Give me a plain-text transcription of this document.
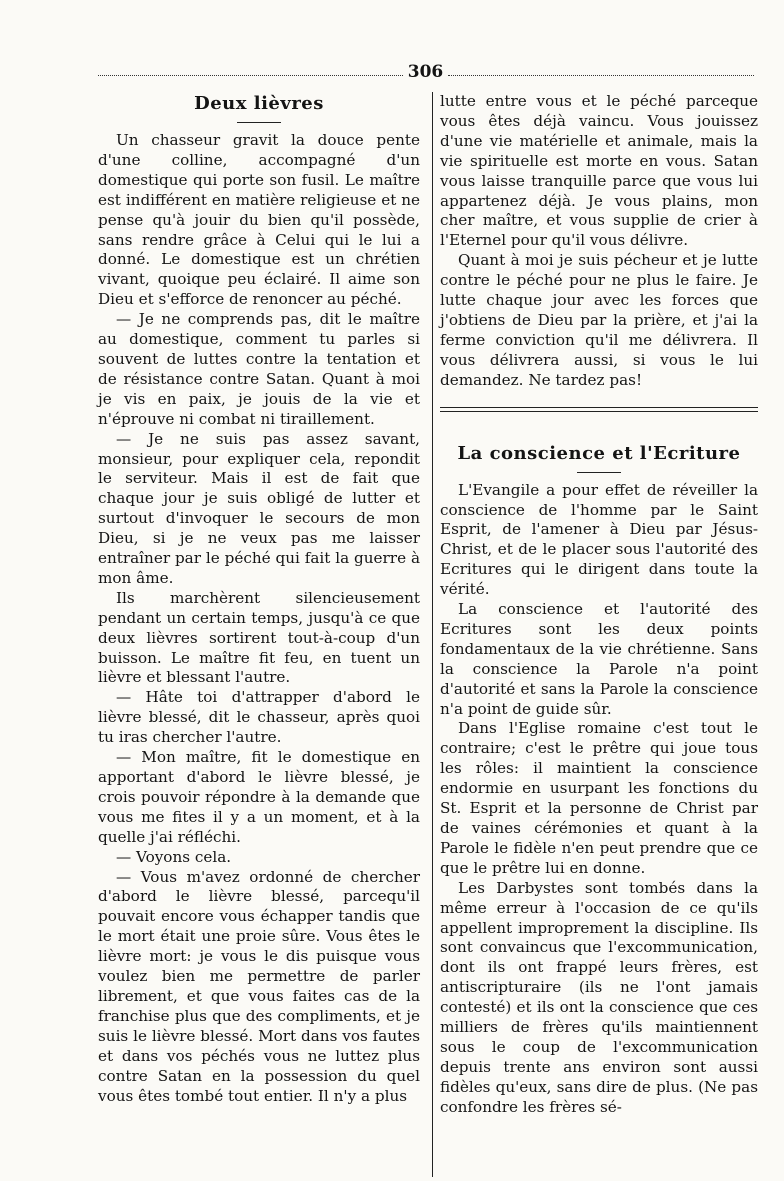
306
Deux lièvres

Un chasseur gravit la douce pente d'une colline, accompagné d'un domestique qui porte son fusil. Le maître est indifférent en matière religieuse et ne pense qu'à jouir du bien qu'il possède, sans rendre grâce à Celui qui le lui a donné. Le domestique est un chrétien vivant, quoique peu éclairé. Il aime son Dieu et s'efforce de renoncer au péché.

— Je ne comprends pas, dit le maître au domestique, comment tu parles si souvent de luttes contre la tentation et de résistance contre Satan. Quant à moi je vis en paix, je jouis de la vie et n'éprouve ni combat ni tiraillement.

— Je ne suis pas assez savant, monsieur, pour expliquer cela, repondit le serviteur. Mais il est de fait que chaque jour je suis obligé de lutter et surtout d'invoquer le secours de mon Dieu, si je ne veux pas me laisser entraîner par le péché qui fait la guerre à mon âme.

Ils marchèrent silencieusement pendant un certain temps, jusqu'à ce que deux lièvres sortirent tout-à-coup d'un buisson. Le maître fit feu, en tuent un lièvre et blessant l'autre.

— Hâte toi d'attrapper d'abord le lièvre blessé, dit le chasseur, après quoi tu iras chercher l'autre.

— Mon maître, fit le domestique en apportant d'abord le lièvre blessé, je crois pouvoir répondre à la demande que vous me fites il y a un moment, et à la quelle j'ai réfléchi.

— Voyons cela.

— Vous m'avez ordonné de chercher d'abord le lièvre blessé, parcequ'il pouvait encore vous échapper tandis que le mort était une proie sûre. Vous êtes le lièvre mort: je vous le dis puisque vous voulez bien me permettre de parler librement, et que vous faites cas de la franchise plus que des compliments, et je suis le lièvre blessé. Mort dans vos fautes et dans vos péchés vous ne luttez plus contre Satan en la possession du quel vous êtes tombé tout entier. Il n'y a plus

lutte entre vous et le péché parceque vous êtes déjà vaincu. Vous jouissez d'une vie matérielle et animale, mais la vie spirituelle est morte en vous. Satan vous laisse tranquille parce que vous lui appartenez déjà. Je vous plains, mon cher maître, et vous supplie de crier à l'Eternel pour qu'il vous délivre.

Quant à moi je suis pécheur et je lutte contre le péché pour ne plus le faire. Je lutte chaque jour avec les forces que j'obtiens de Dieu par la prière, et j'ai la ferme conviction qu'il me délivrera. Il vous délivrera aussi, si vous le lui demandez. Ne tardez pas!

La conscience et l'Ecriture

L'Evangile a pour effet de réveiller la conscience de l'homme par le Saint Esprit, de l'amener à Dieu par Jésus-Christ, et de le placer sous l'autorité des Ecritures qui le dirigent dans toute la vérité.

La conscience et l'autorité des Ecritures sont les deux points fondamentaux de la vie chrétienne. Sans la conscience la Parole n'a point d'autorité et sans la Parole la conscience n'a point de guide sûr.

Dans l'Eglise romaine c'est tout le contraire; c'est le prêtre qui joue tous les rôles: il maintient la conscience endormie en usurpant les fonctions du St. Esprit et la personne de Christ par de vaines cérémonies et quant à la Parole le fidèle n'en peut prendre que ce que le prêtre lui en donne.

Les Darbystes sont tombés dans la même erreur à l'occasion de ce qu'ils appellent improprement la discipline. Ils sont convaincus que l'excommunication, dont ils ont frappé leurs frères, est antiscripturaire (ils ne l'ont jamais contesté) et ils ont la conscience que ces milliers de frères qu'ils maintiennent sous le coup de l'excommunication depuis trente ans environ sont aussi fidèles qu'eux, sans dire de plus. (Ne pas confondre les frères sé-
